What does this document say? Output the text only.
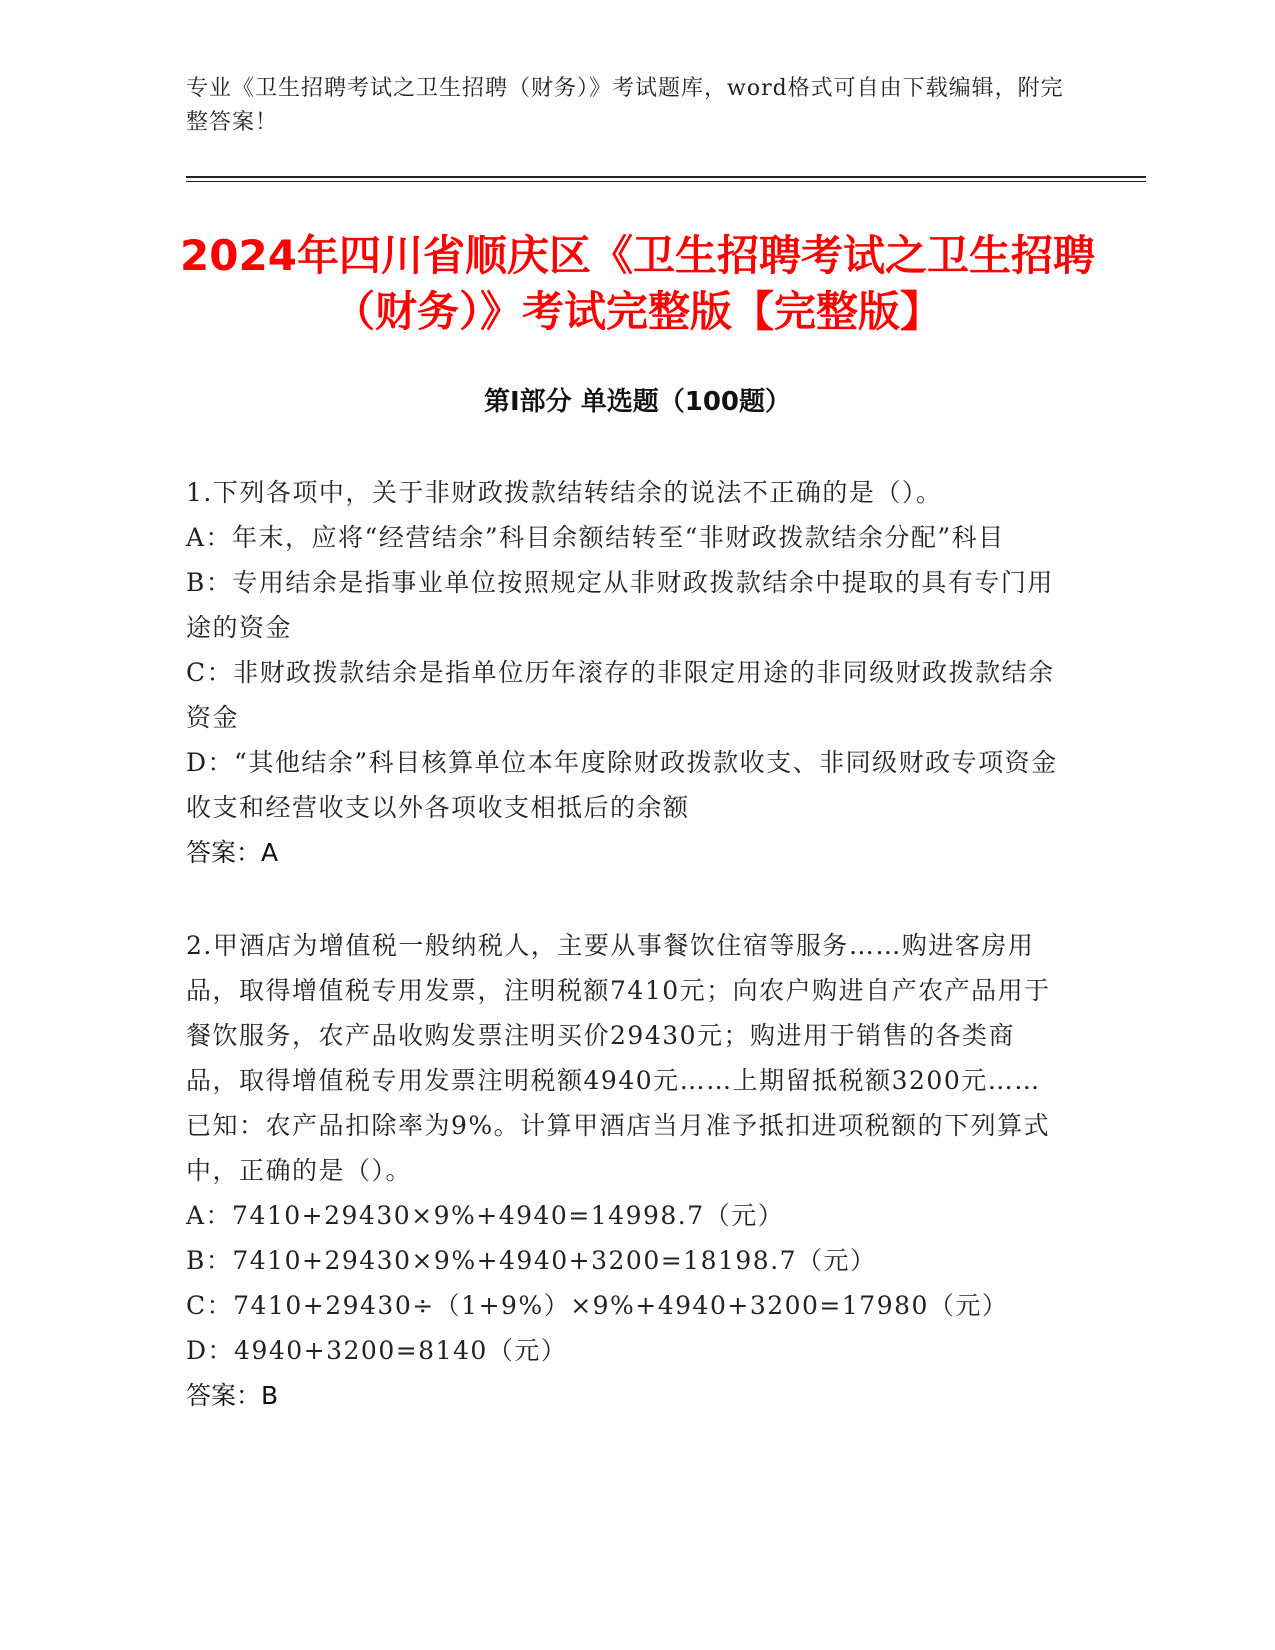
专业《卫生招聘考试之卫生招聘（财务）》考试题库，word格式可自由下载编辑，附完整答案！
2024年四川省顺庆区《卫生招聘考试之卫生招聘（财务）》考试完整版【完整版】
第Ⅰ部分 单选题（100题）

1.下列各项中，关于非财政拨款结转结余的说法不正确的是（）。

A：年末，应将“经营结余”科目余额结转至“非财政拨款结余分配”科目

B：专用结余是指事业单位按照规定从非财政拨款结余中提取的具有专门用途的资金

C：非财政拨款结余是指单位历年滚存的非限定用途的非同级财政拨款结余资金

D：“其他结余”科目核算单位本年度除财政拨款收支、非同级财政专项资金收支和经营收支以外各项收支相抵后的余额

答案：A

2.甲酒店为增值税一般纳税人，主要从事餐饮住宿等服务……购进客房用品，取得增值税专用发票，注明税额7410元；向农户购进自产农产品用于餐饮服务，农产品收购发票注明买价29430元；购进用于销售的各类商品，取得增值税专用发票注明税额4940元……上期留抵税额3200元……已知：农产品扣除率为9%。计算甲酒店当月准予抵扣进项税额的下列算式中，正确的是（）。

A：7410+29430×9%+4940=14998.7（元）

B：7410+29430×9%+4940+3200=18198.7（元）

C：7410+29430÷（1+9%）×9%+4940+3200=17980（元）

D：4940+3200=8140（元）

答案：B
